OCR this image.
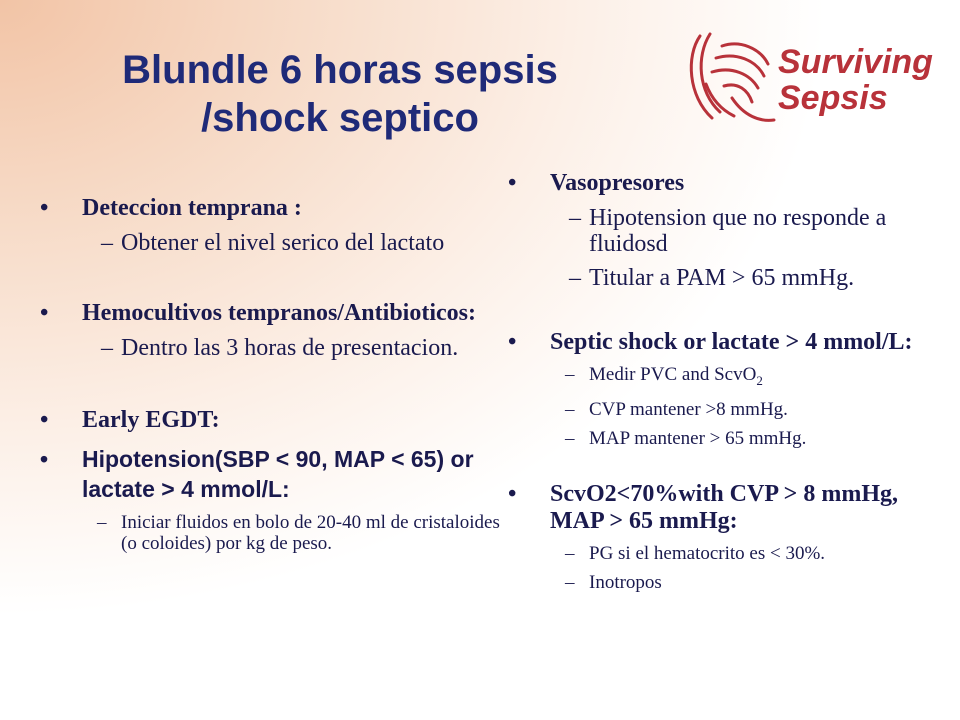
Blundle 6 horas sepsis
/shock septico
Surviving
Sepsis
• Deteccion temprana :
– Obtener el nivel serico del lactato
• Hemocultivos tempranos/Antibioticos:
– Dentro las 3 horas de presentacion.
• Early EGDT:
• Hipotension(SBP < 90, MAP < 65) or lactate > 4 mmol/L:
– Iniciar fluidos en bolo de 20-40 ml de cristaloides (o coloides) por kg de peso.
• Vasopresores
– Hipotension que no responde a fluidosd
– Titular a PAM > 65 mmHg.
• Septic shock or lactate > 4 mmol/L:
– Medir PVC and ScvO$_2$
– CVP mantener >8 mmHg.
– MAP mantener > 65 mmHg.
• ScvO2<70%with CVP > 8 mmHg, MAP > 65 mmHg:
– PG si el hematocrito es < 30%.
– Inotropos
